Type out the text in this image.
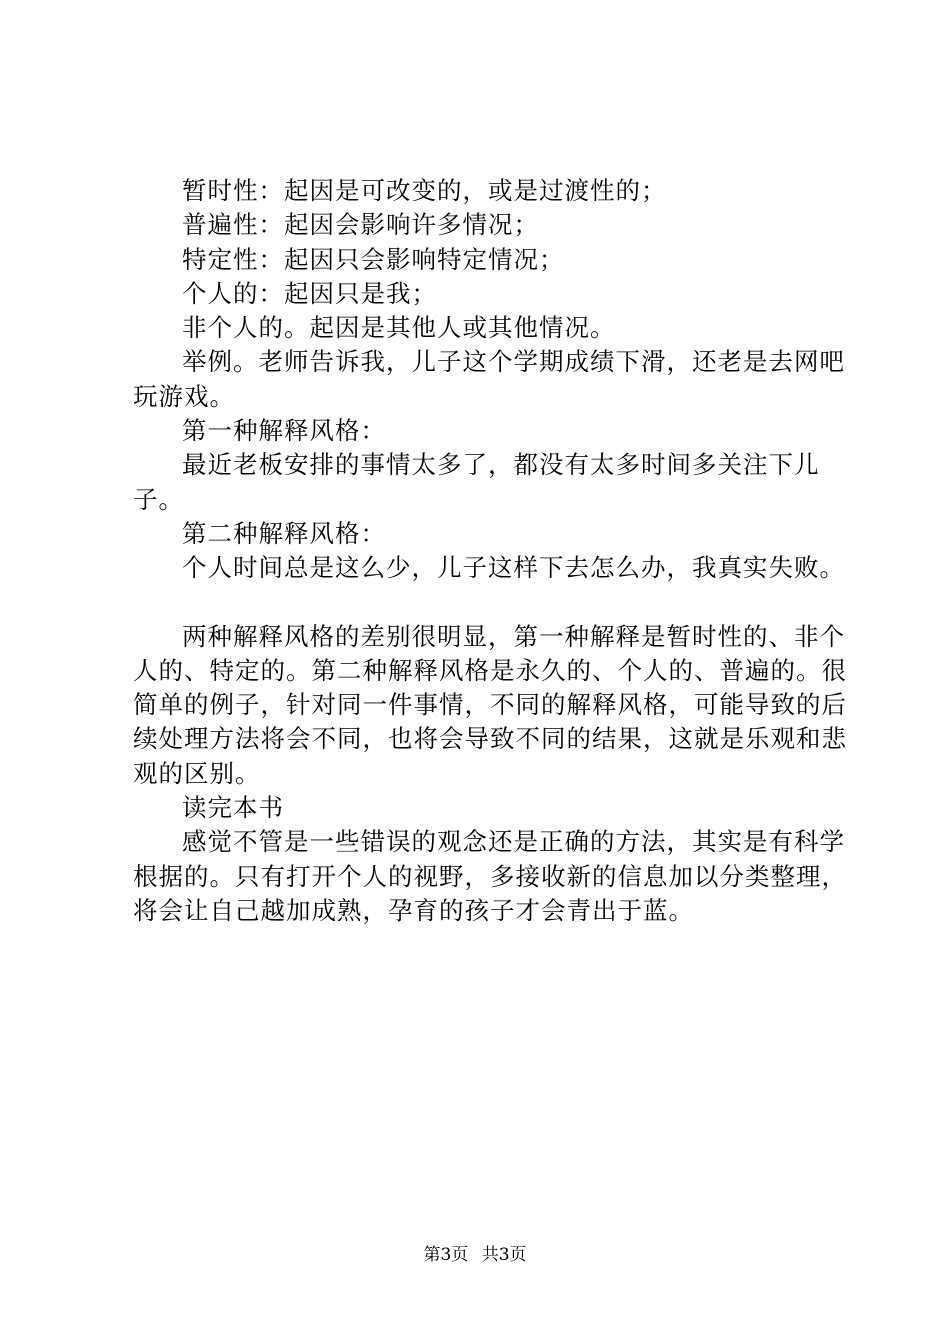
暂时性：起因是可改变的，或是过渡性的；

普遍性：起因会影响许多情况；

特定性：起因只会影响特定情况；

个人的：起因只是我；

非个人的。起因是其他人或其他情况。

举例。老师告诉我，儿子这个学期成绩下滑，还老是去网吧玩游戏。

第一种解释风格：

最近老板安排的事情太多了，都没有太多时间多关注下儿子。

第二种解释风格：

个人时间总是这么少，儿子这样下去怎么办，我真实失败。

两种解释风格的差别很明显，第一种解释是暂时性的、非个人的、特定的。第二种解释风格是永久的、个人的、普遍的。很简单的例子，针对同一件事情，不同的解释风格，可能导致的后续处理方法将会不同，也将会导致不同的结果，这就是乐观和悲观的区别。

读完本书

感觉不管是一些错误的观念还是正确的方法，其实是有科学根据的。只有打开个人的视野，多接收新的信息加以分类整理，将会让自己越加成熟，孕育的孩子才会青出于蓝。

第3页 共3页
